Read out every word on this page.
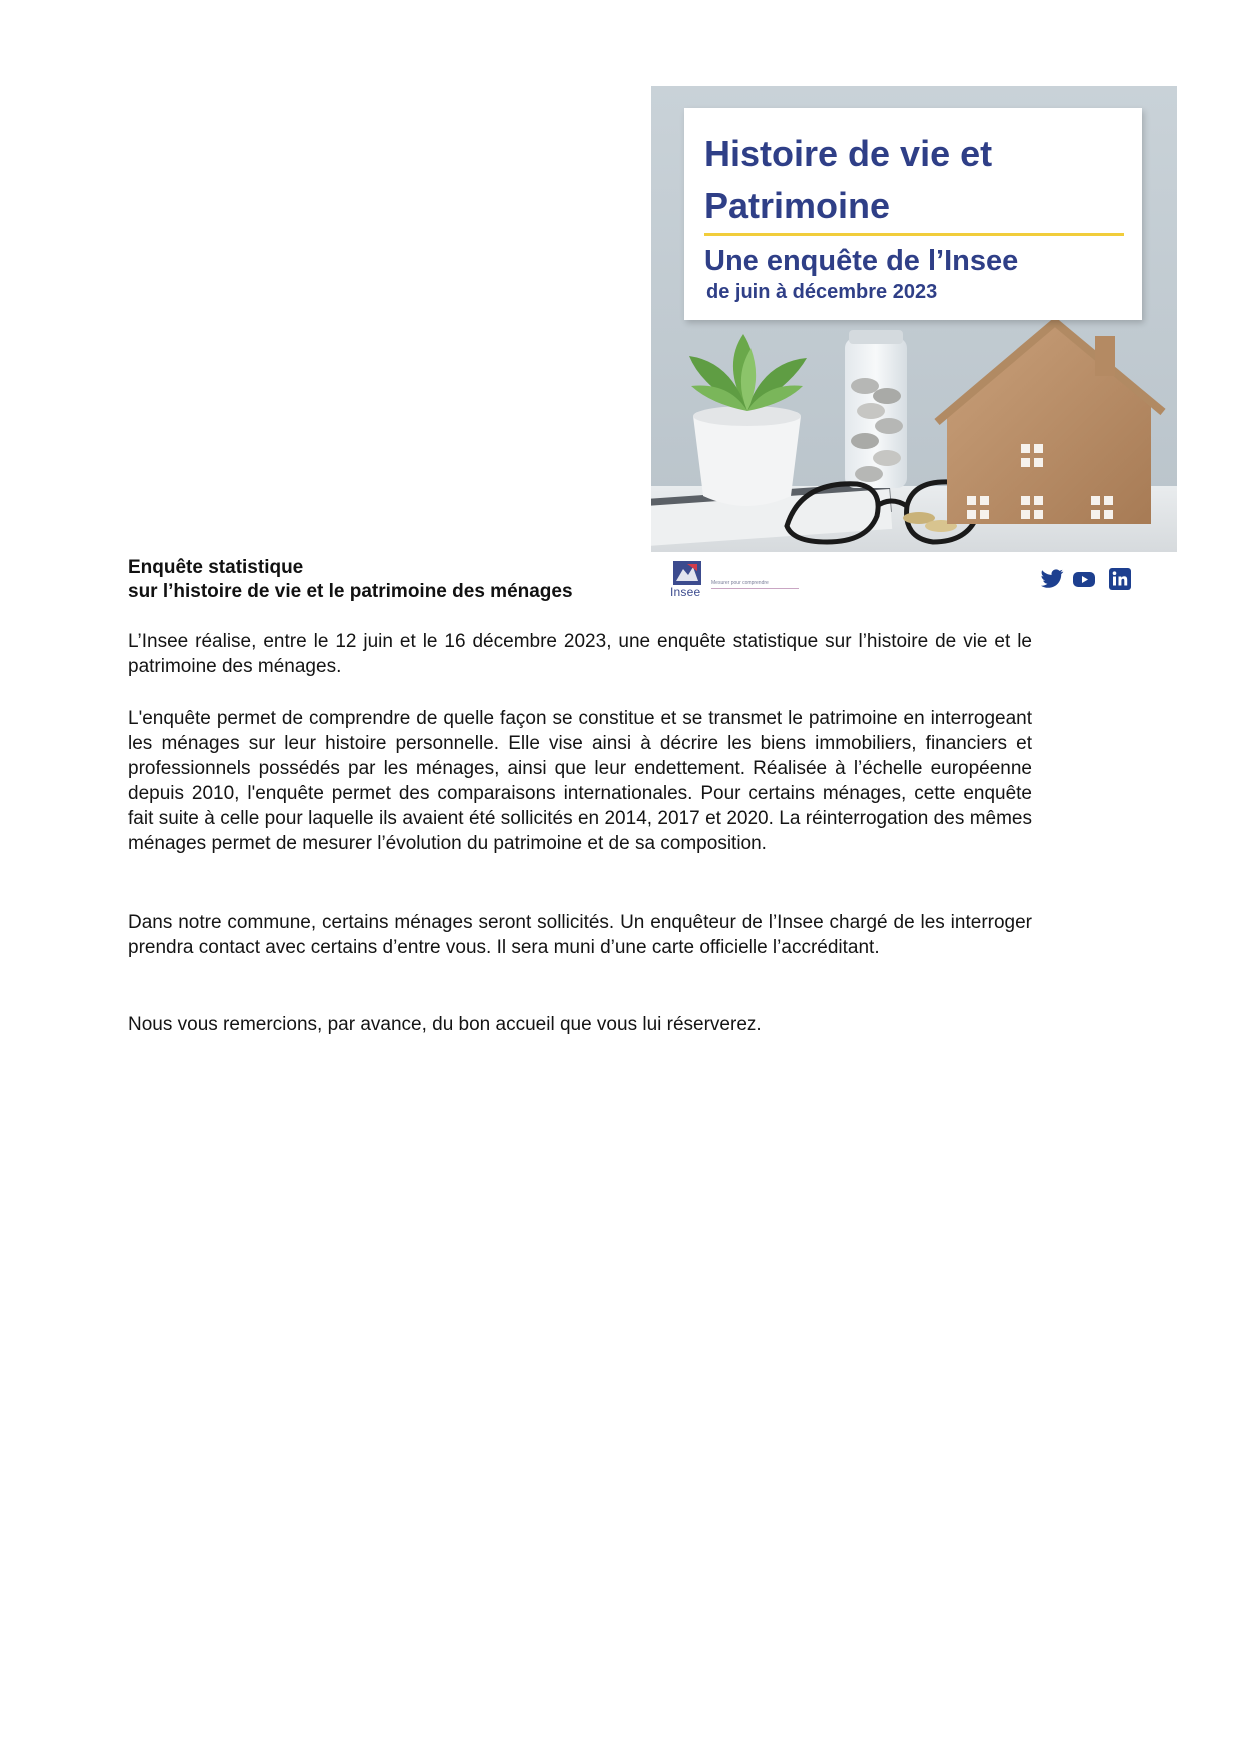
Histoire de vie et Patrimoine

Une enquête de l’Insee

de juin à décembre 2023

Enquête statistique
sur l’histoire de vie et le patrimoine des ménages	Insee
Mesurer pour comprendre

L’Insee réalise, entre le 12 juin et le 16 décembre 2023, une enquête statistique sur l’histoire de vie et le patrimoine des ménages.

L'enquête permet de comprendre de quelle façon se constitue et se transmet le patrimoine en interrogeant les ménages sur leur histoire personnelle. Elle vise ainsi à décrire les biens immobiliers, financiers et professionnels possédés par les ménages, ainsi que leur endettement. Réalisée à l’échelle européenne depuis 2010, l'enquête permet des comparaisons internationales. Pour certains ménages, cette enquête fait suite à celle pour laquelle ils avaient été sollicités en 2014, 2017 et 2020. La réinterrogation des mêmes ménages permet de mesurer l’évolution du patrimoine et de sa composition.

Dans notre commune, certains ménages seront sollicités. Un enquêteur de l’Insee chargé de les interroger prendra contact avec certains d’entre vous. Il sera muni d’une carte officielle l’accréditant.

Nous vous remercions, par avance, du bon accueil que vous lui réserverez.
